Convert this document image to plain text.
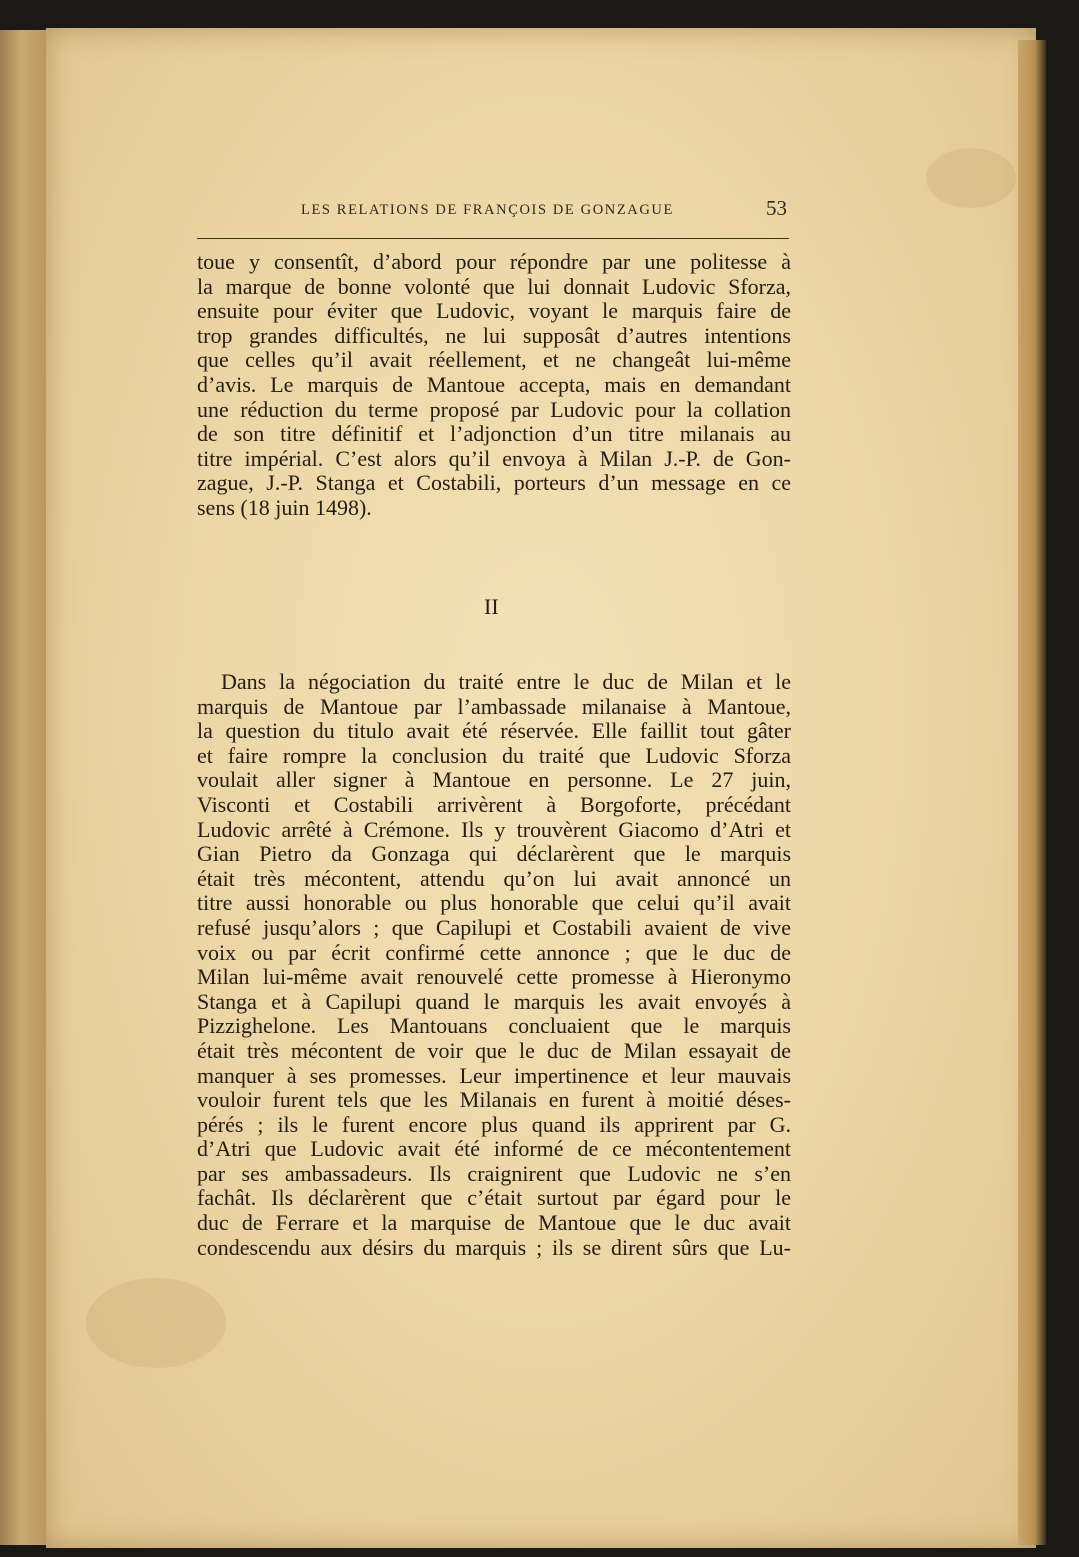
LES RELATIONS DE FRANÇOIS DE GONZAGUE	53
toue y consentît, d’abord pour répondre par une politesse à
la marque de bonne volonté que lui donnait Ludovic Sforza,
ensuite pour éviter que Ludovic, voyant le marquis faire de
trop grandes difficultés, ne lui supposât d’autres intentions
que celles qu’il avait réellement, et ne changeât lui-même
d’avis. Le marquis de Mantoue accepta, mais en demandant
une réduction du terme proposé par Ludovic pour la collation
de son titre définitif et l’adjonction d’un titre milanais au
titre impérial. C’est alors qu’il envoya à Milan J.-P. de Gon-
zague, J.-P. Stanga et Costabili, porteurs d’un message en ce
sens (18 juin 1498).
II
Dans la négociation du traité entre le duc de Milan et le
marquis de Mantoue par l’ambassade milanaise à Mantoue,
la question du titulo avait été réservée. Elle faillit tout gâter
et faire rompre la conclusion du traité que Ludovic Sforza
voulait aller signer à Mantoue en personne. Le 27 juin,
Visconti et Costabili arrivèrent à Borgoforte, précédant
Ludovic arrêté à Crémone. Ils y trouvèrent Giacomo d’Atri et
Gian Pietro da Gonzaga qui déclarèrent que le marquis
était très mécontent, attendu qu’on lui avait annoncé un
titre aussi honorable ou plus honorable que celui qu’il avait
refusé jusqu’alors ; que Capilupi et Costabili avaient de vive
voix ou par écrit confirmé cette annonce ; que le duc de
Milan lui-même avait renouvelé cette promesse à Hieronymo
Stanga et à Capilupi quand le marquis les avait envoyés à
Pizzighelone. Les Mantouans concluaient que le marquis
était très mécontent de voir que le duc de Milan essayait de
manquer à ses promesses. Leur impertinence et leur mauvais
vouloir furent tels que les Milanais en furent à moitié déses-
pérés ; ils le furent encore plus quand ils apprirent par G.
d’Atri que Ludovic avait été informé de ce mécontentement
par ses ambassadeurs. Ils craignirent que Ludovic ne s’en
fachât. Ils déclarèrent que c’était surtout par égard pour le
duc de Ferrare et la marquise de Mantoue que le duc avait
condescendu aux désirs du marquis ; ils se dirent sûrs que Lu-
